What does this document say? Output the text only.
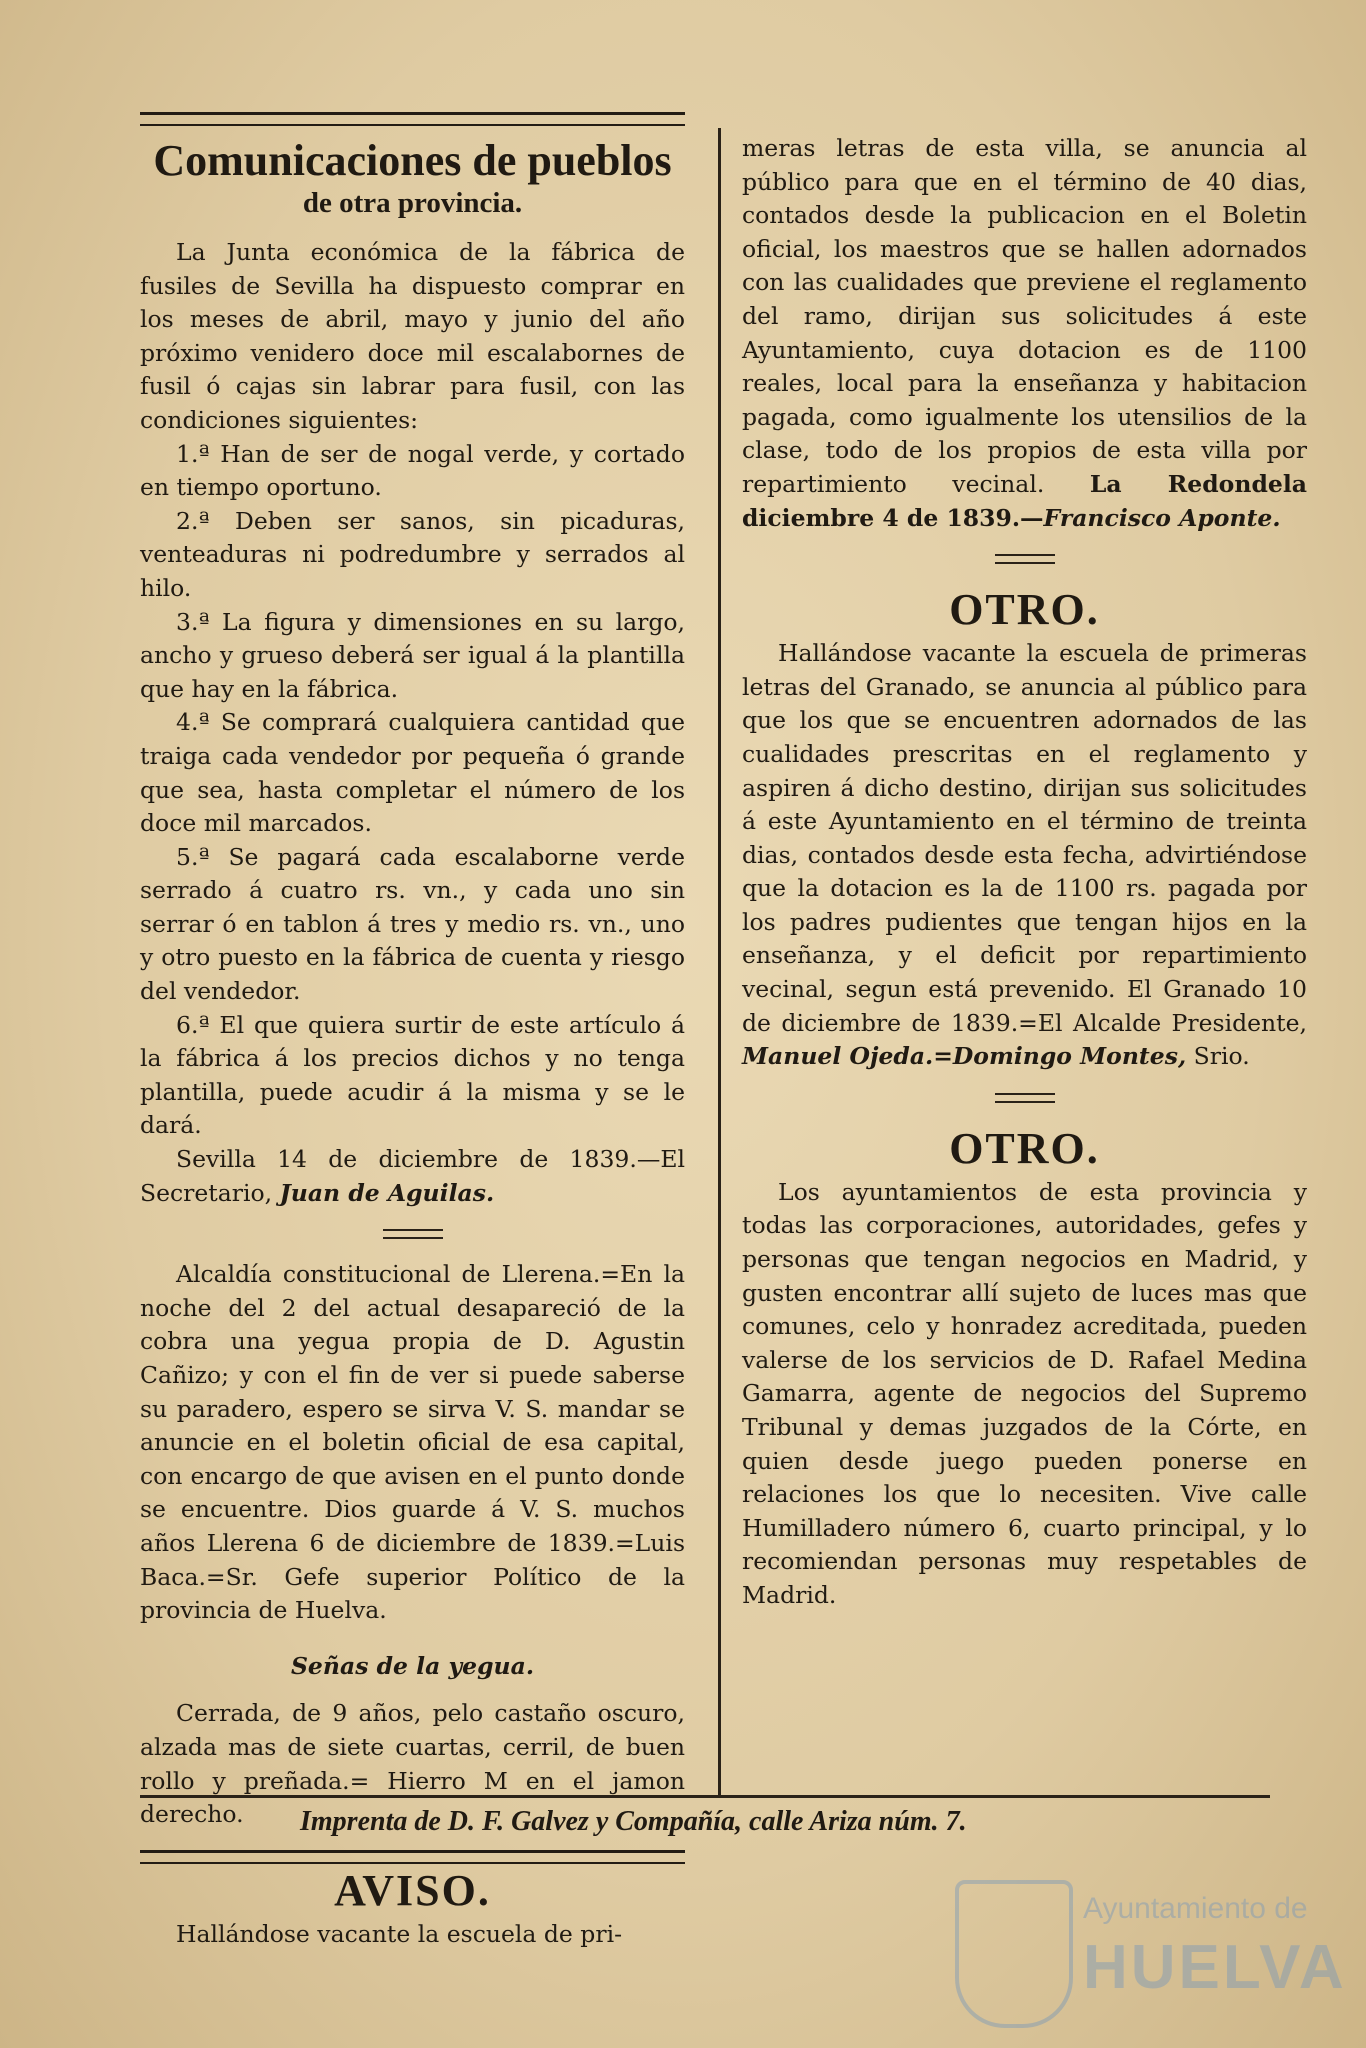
Comunicaciones de pueblos
de otra provincia.

La Junta económica de la fábrica de fusiles de Sevilla ha dispuesto comprar en los meses de abril, mayo y junio del año próximo venidero doce mil escalabornes de fusil ó cajas sin labrar para fusil, con las condiciones siguientes:

1.ª Han de ser de nogal verde, y cortado en tiempo oportuno.

2.ª Deben ser sanos, sin picaduras, venteaduras ni podredumbre y serrados al hilo.

3.ª La figura y dimensiones en su largo, ancho y grueso deberá ser igual á la plantilla que hay en la fábrica.

4.ª Se comprará cualquiera cantidad que traiga cada vendedor por pequeña ó grande que sea, hasta completar el número de los doce mil marcados.

5.ª Se pagará cada escalaborne verde serrado á cuatro rs. vn., y cada uno sin serrar ó en tablon á tres y medio rs. vn., uno y otro puesto en la fábrica de cuenta y riesgo del vendedor.

6.ª El que quiera surtir de este artículo á la fábrica á los precios dichos y no tenga plantilla, puede acudir á la misma y se le dará.

Sevilla 14 de diciembre de 1839.—El Secretario, Juan de Aguilas.

Alcaldía constitucional de Llerena.=En la noche del 2 del actual desapareció de la cobra una yegua propia de D. Agustin Cañizo; y con el fin de ver si puede saberse su paradero, espero se sirva V. S. mandar se anuncie en el boletin oficial de esa capital, con encargo de que avisen en el punto donde se encuentre. Dios guarde á V. S. muchos años Llerena 6 de diciembre de 1839.=Luis Baca.=Sr. Gefe superior Político de la provincia de Huelva.

Señas de la yegua.

Cerrada, de 9 años, pelo castaño oscuro, alzada mas de siete cuartas, cerril, de buen rollo y preñada.= Hierro M en el jamon derecho.

AVISO.

Hallándose vacante la escuela de pri-

meras letras de esta villa, se anuncia al público para que en el término de 40 dias, contados desde la publicacion en el Boletin oficial, los maestros que se hallen adornados con las cualidades que previene el reglamento del ramo, dirijan sus solicitudes á este Ayuntamiento, cuya dotacion es de 1100 reales, local para la enseñanza y habitacion pagada, como igualmente los utensilios de la clase, todo de los propios de esta villa por repartimiento vecinal. La Redondela diciembre 4 de 1839.—Francisco Aponte.

OTRO.

Hallándose vacante la escuela de primeras letras del Granado, se anuncia al público para que los que se encuentren adornados de las cualidades prescritas en el reglamento y aspiren á dicho destino, dirijan sus solicitudes á este Ayuntamiento en el término de treinta dias, contados desde esta fecha, advirtiéndose que la dotacion es la de 1100 rs. pagada por los padres pudientes que tengan hijos en la enseñanza, y el deficit por repartimiento vecinal, segun está prevenido. El Granado 10 de diciembre de 1839.=El Alcalde Presidente, Manuel Ojeda.=Domingo Montes, Srio.

OTRO.

Los ayuntamientos de esta provincia y todas las corporaciones, autoridades, gefes y personas que tengan negocios en Madrid, y gusten encontrar allí sujeto de luces mas que comunes, celo y honradez acreditada, pueden valerse de los servicios de D. Rafael Medina Gamarra, agente de negocios del Supremo Tribunal y demas juzgados de la Córte, en quien desde juego pueden ponerse en relaciones los que lo necesiten. Vive calle Humilladero número 6, cuarto principal, y lo recomiendan personas muy respetables de Madrid.

Imprenta de D. F. Galvez y Compañía, calle Ariza núm. 7.
Ayuntamiento de
HUELVA
